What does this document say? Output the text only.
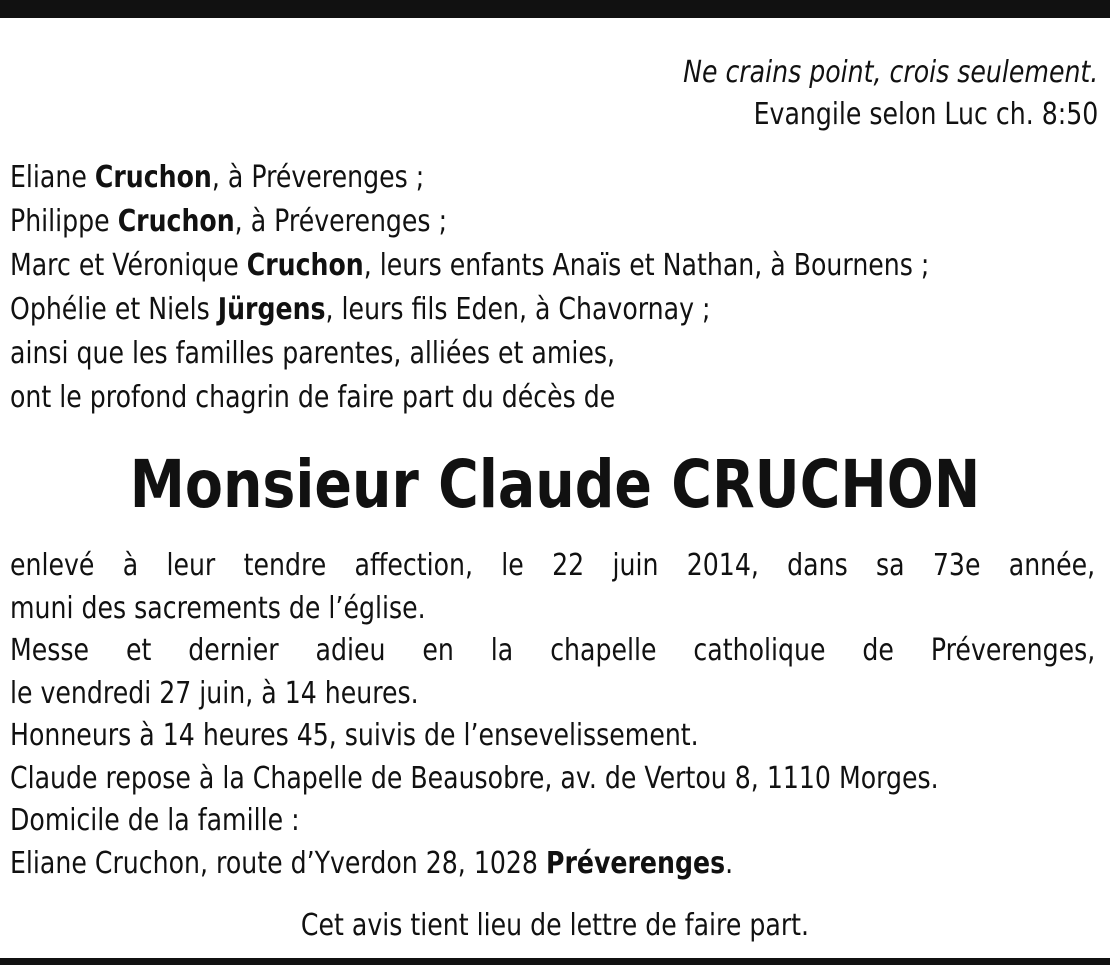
Ne crains point, crois seulement.
Evangile selon Luc ch. 8:50
Eliane Cruchon, à Préverenges ;
Philippe Cruchon, à Préverenges ;
Marc et Véronique Cruchon, leurs enfants Anaïs et Nathan, à Bournens ;
Ophélie et Niels Jürgens, leurs fils Eden, à Chavornay ;
ainsi que les familles parentes, alliées et amies,
ont le profond chagrin de faire part du décès de
Monsieur Claude CRUCHON
enlevé à leur tendre affection, le 22 juin 2014, dans sa 73e année,
muni des sacrements de l’église.
Messe et dernier adieu en la chapelle catholique de Préverenges,
le vendredi 27 juin, à 14 heures.
Honneurs à 14 heures 45, suivis de l’ensevelissement.
Claude repose à la Chapelle de Beausobre, av. de Vertou 8, 1110 Morges.
Domicile de la famille :
Eliane Cruchon, route d’Yverdon 28, 1028 Préverenges.
Cet avis tient lieu de lettre de faire part.
